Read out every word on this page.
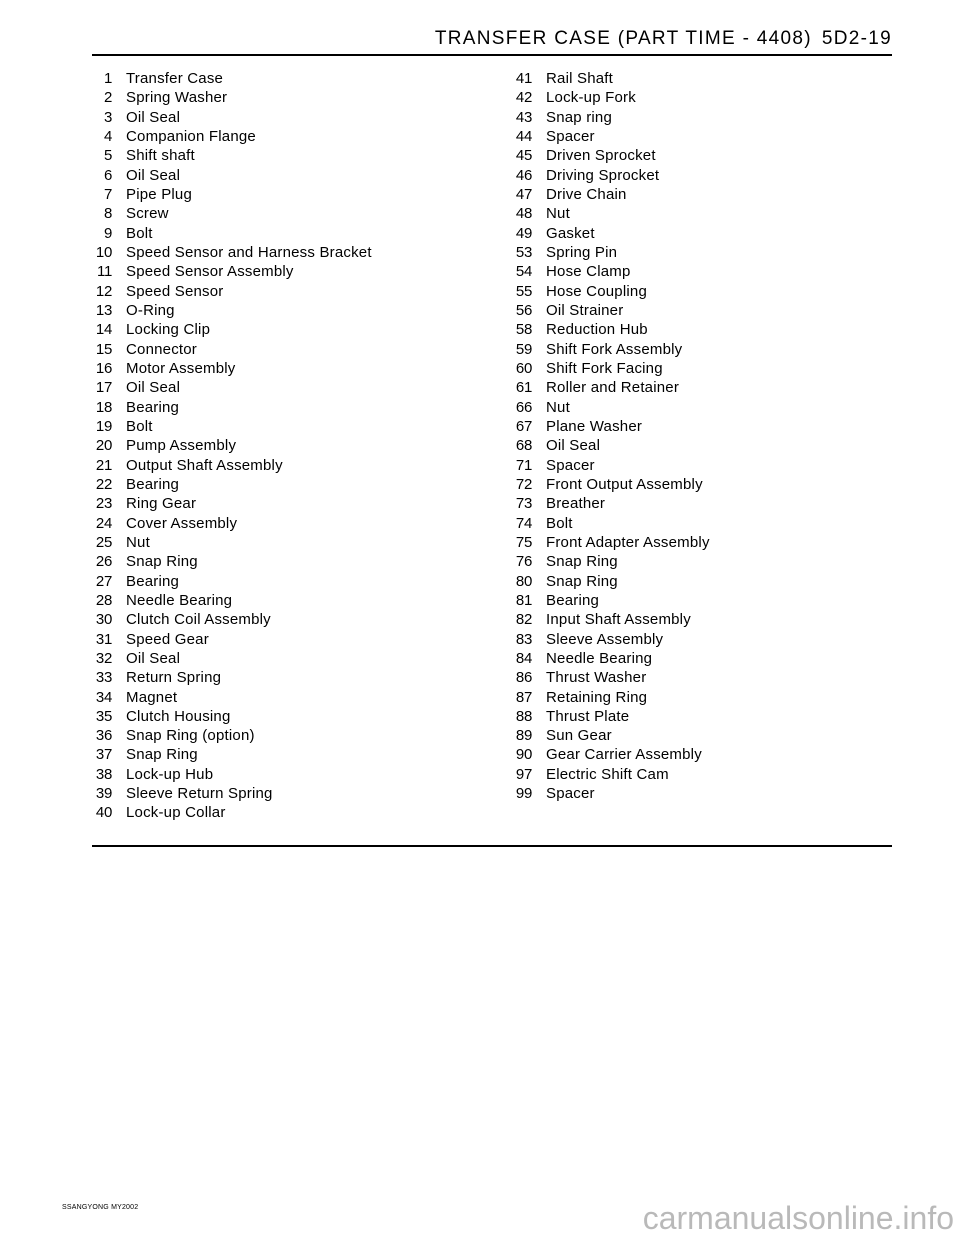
TRANSFER CASE (PART TIME - 4408) 5D2-19
1 Transfer Case
2 Spring Washer
3 Oil Seal
4 Companion Flange
5 Shift shaft
6 Oil Seal
7 Pipe Plug
8 Screw
9 Bolt
10 Speed Sensor and Harness Bracket
11 Speed Sensor Assembly
12 Speed Sensor
13 O-Ring
14 Locking Clip
15 Connector
16 Motor Assembly
17 Oil Seal
18 Bearing
19 Bolt
20 Pump Assembly
21 Output Shaft Assembly
22 Bearing
23 Ring Gear
24 Cover Assembly
25 Nut
26 Snap Ring
27 Bearing
28 Needle Bearing
30 Clutch Coil Assembly
31 Speed Gear
32 Oil Seal
33 Return Spring
34 Magnet
35 Clutch Housing
36 Snap Ring (option)
37 Snap Ring
38 Lock-up Hub
39 Sleeve Return Spring
40 Lock-up Collar
41 Rail Shaft
42 Lock-up Fork
43 Snap ring
44 Spacer
45 Driven Sprocket
46 Driving Sprocket
47 Drive Chain
48 Nut
49 Gasket
53 Spring Pin
54 Hose Clamp
55 Hose Coupling
56 Oil Strainer
58 Reduction Hub
59 Shift Fork Assembly
60 Shift Fork Facing
61 Roller and Retainer
66 Nut
67 Plane Washer
68 Oil Seal
71 Spacer
72 Front Output Assembly
73 Breather
74 Bolt
75 Front Adapter Assembly
76 Snap Ring
80 Snap Ring
81 Bearing
82 Input Shaft Assembly
83 Sleeve Assembly
84 Needle Bearing
86 Thrust Washer
87 Retaining Ring
88 Thrust Plate
89 Sun Gear
90 Gear Carrier Assembly
97 Electric Shift Cam
99 Spacer
SSANGYONG MY2002	carmanualsonline.info
